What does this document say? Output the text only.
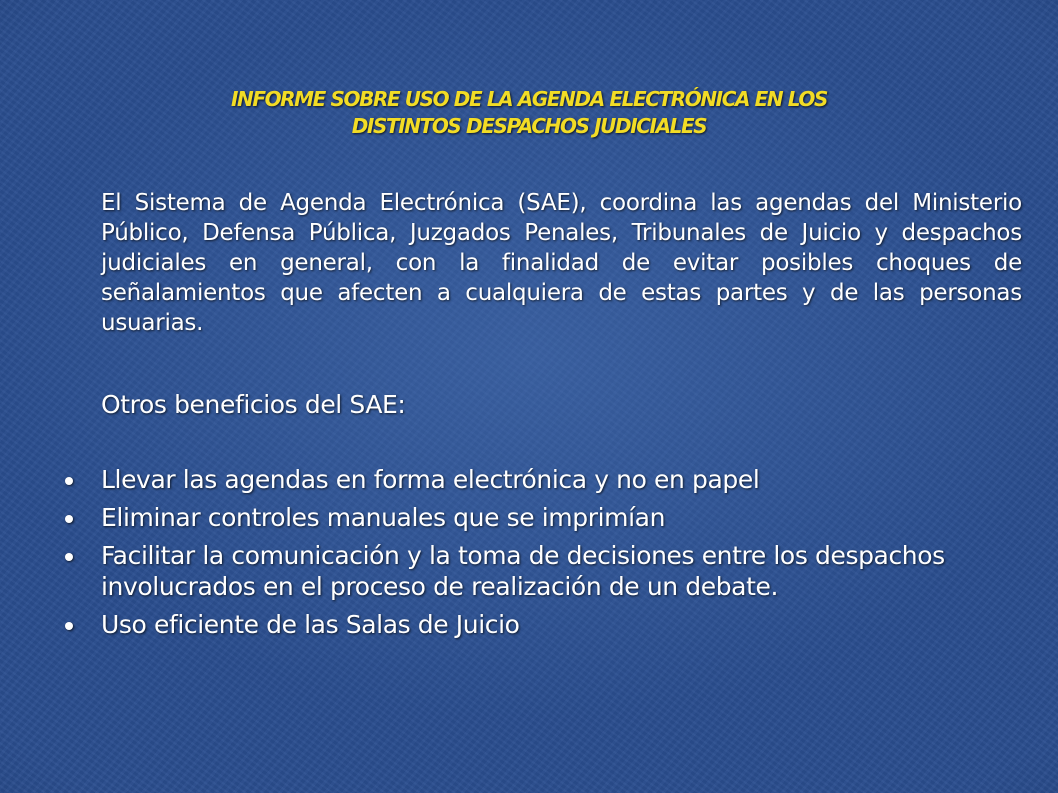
INFORME SOBRE USO DE LA AGENDA ELECTRÓNICA EN LOS
DISTINTOS DESPACHOS JUDICIALES

El Sistema de Agenda Electrónica (SAE), coordina las agendas del Ministerio Público, Defensa Pública, Juzgados Penales, Tribunales de Juicio y despachos judiciales en general, con la finalidad de evitar posibles choques de señalamientos que afecten a cualquiera de estas partes y de las personas usuarias.

Otros beneficios del SAE:

Llevar las agendas en forma electrónica y no en papel
Eliminar controles manuales que se imprimían
Facilitar la comunicación y la toma de decisiones entre los despachos involucrados en el proceso de realización de un debate.
Uso eficiente de las Salas de Juicio
